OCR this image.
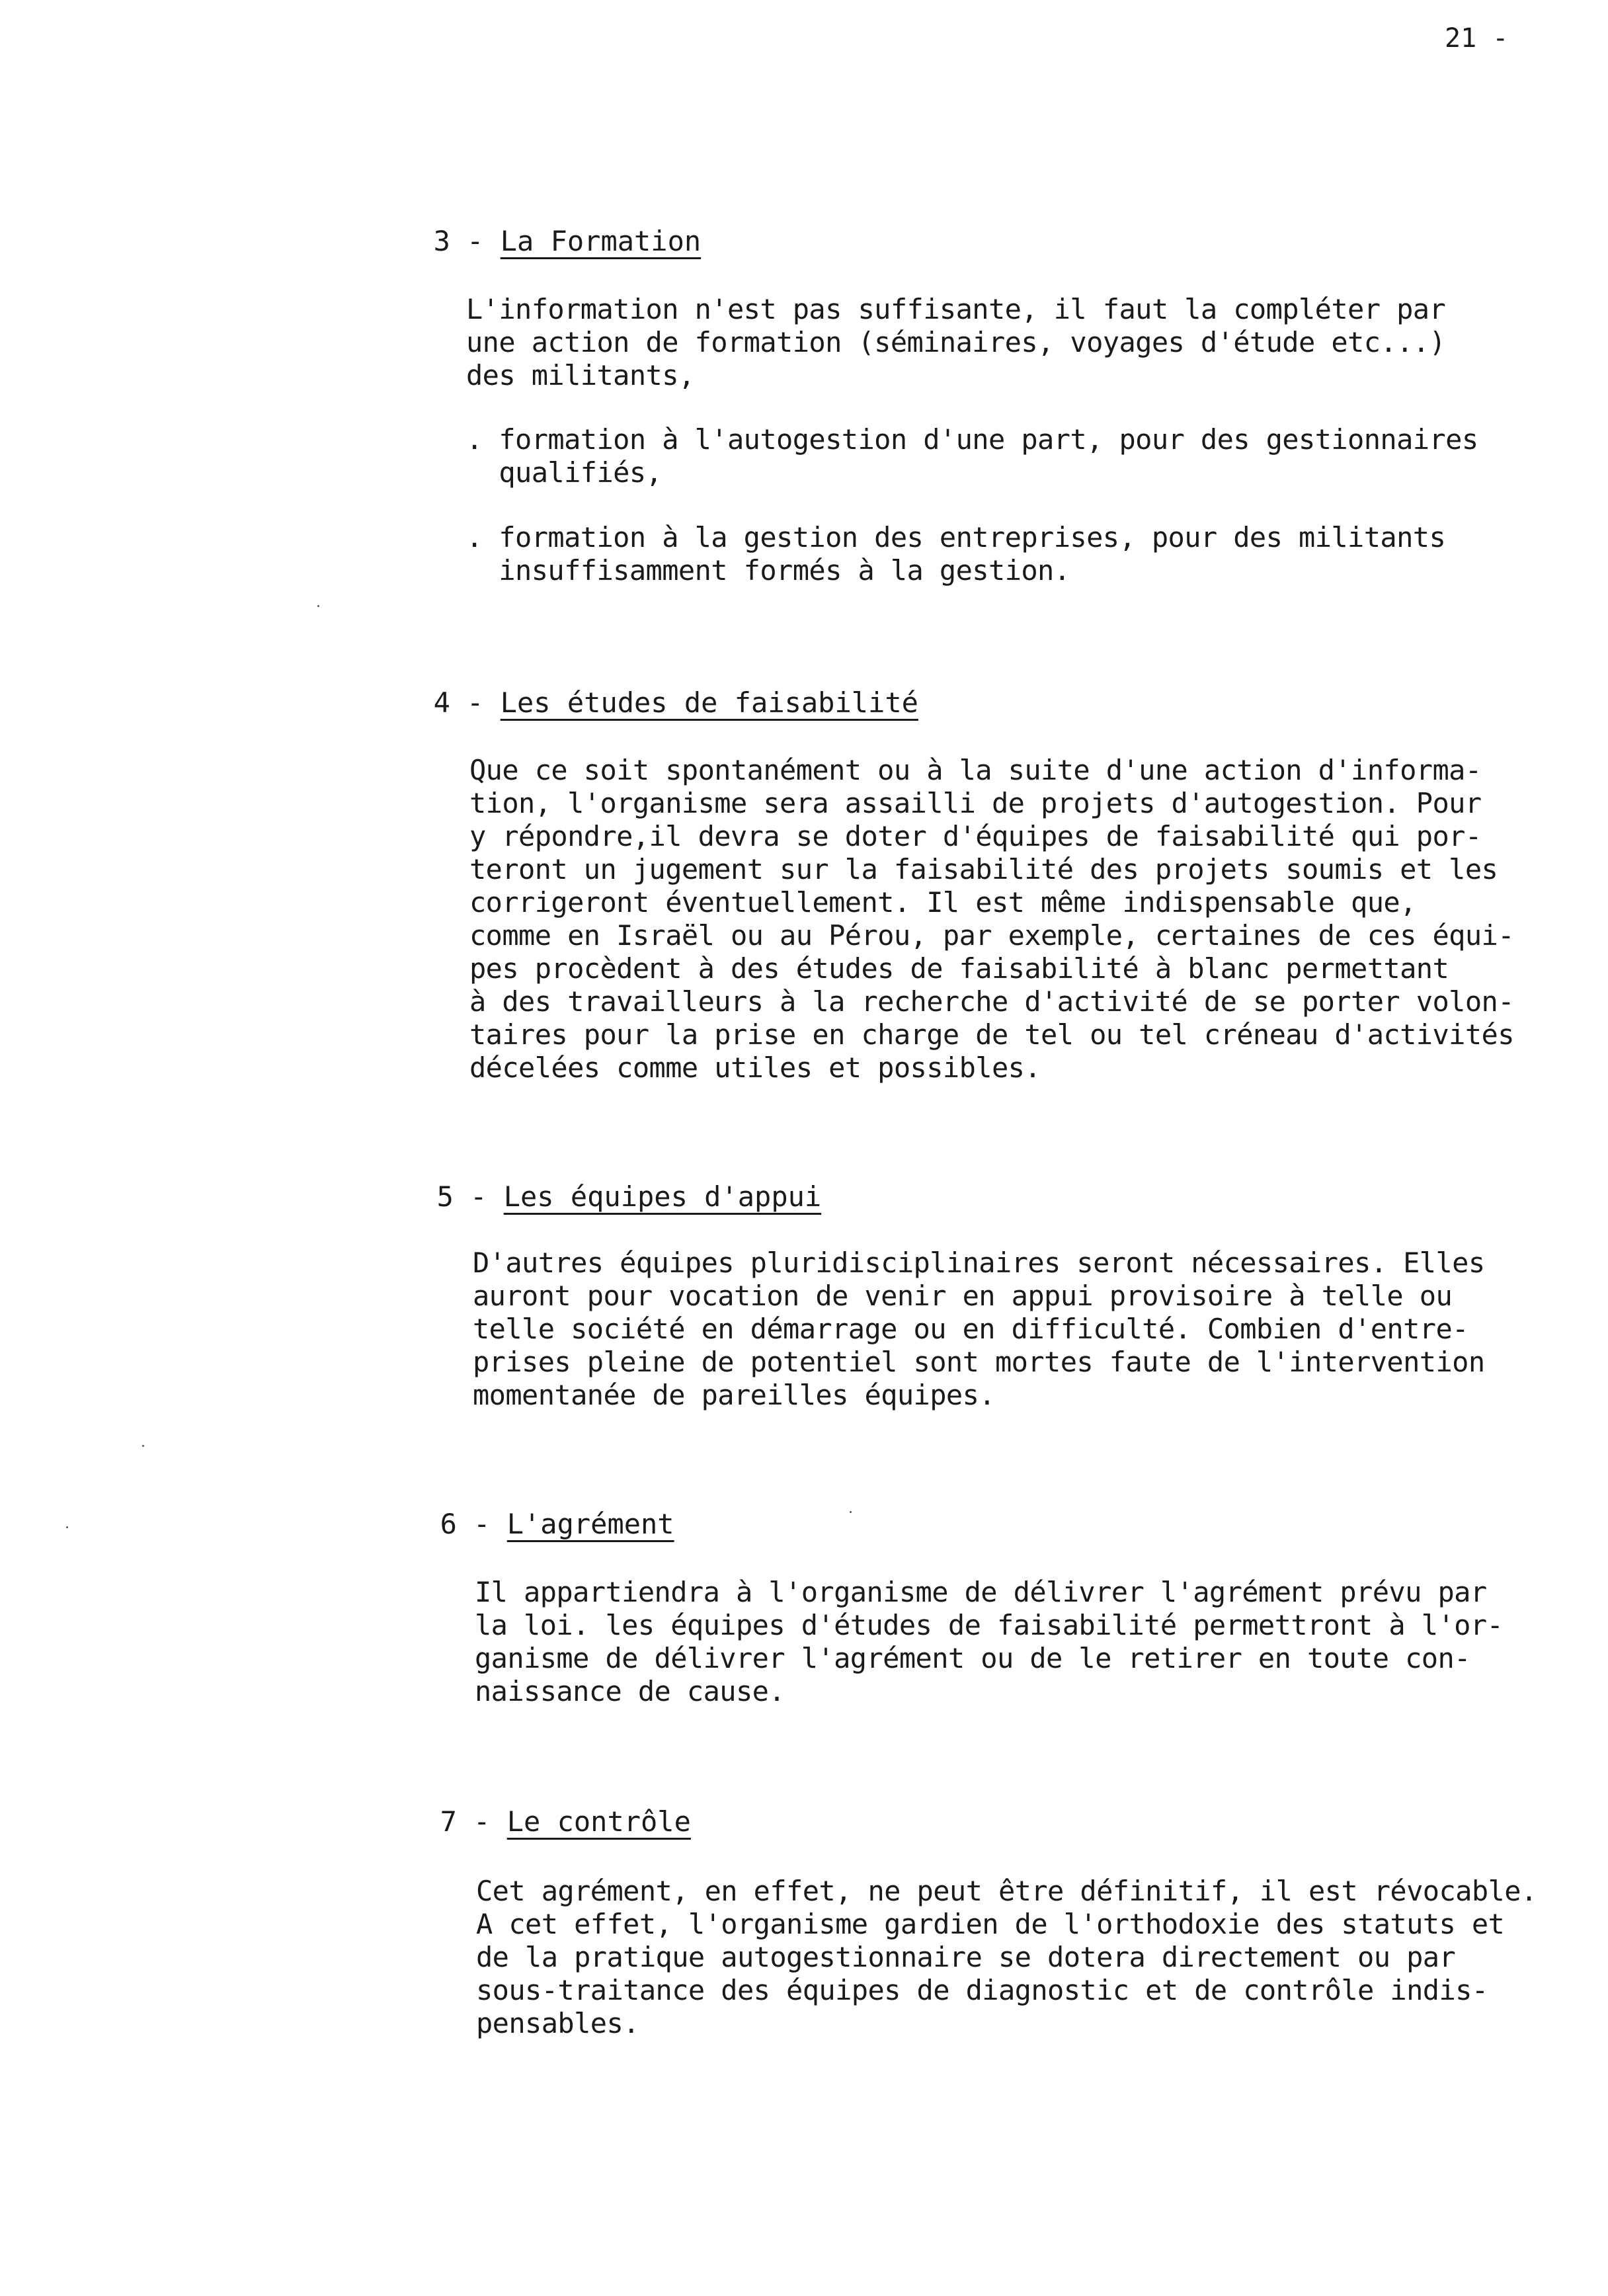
21 -

3 - La Formation

L'information n'est pas suffisante, il faut la compléter par
une action de formation (séminaires, voyages d'étude etc...)
des militants,
. formation à l'autogestion d'une part, pour des gestionnaires
qualifiés,
. formation à la gestion des entreprises, pour des militants
insuffisamment formés à la gestion.

4 - Les études de faisabilité

Que ce soit spontanément ou à la suite d'une action d'informa-
tion, l'organisme sera assailli de projets d'autogestion. Pour
y répondre,il devra se doter d'équipes de faisabilité qui por-
teront un jugement sur la faisabilité des projets soumis et les
corrigeront éventuellement. Il est même indispensable que,
comme en Israël ou au Pérou, par exemple, certaines de ces équi-
pes procèdent à des études de faisabilité à blanc permettant
à des travailleurs à la recherche d'activité de se porter volon-
taires pour la prise en charge de tel ou tel créneau d'activités
décelées comme utiles et possibles.

5 - Les équipes d'appui

D'autres équipes pluridisciplinaires seront nécessaires. Elles
auront pour vocation de venir en appui provisoire à telle ou
telle société en démarrage ou en difficulté. Combien d'entre-
prises pleine de potentiel sont mortes faute de l'intervention
momentanée de pareilles équipes.

6 - L'agrément

Il appartiendra à l'organisme de délivrer l'agrément prévu par
la loi. les équipes d'études de faisabilité permettront à l'or-
ganisme de délivrer l'agrément ou de le retirer en toute con-
naissance de cause.

7 - Le contrôle

Cet agrément, en effet, ne peut être définitif, il est révocable.
A cet effet, l'organisme gardien de l'orthodoxie des statuts et
de la pratique autogestionnaire se dotera directement ou par
sous-traitance des équipes de diagnostic et de contrôle indis-
pensables.
